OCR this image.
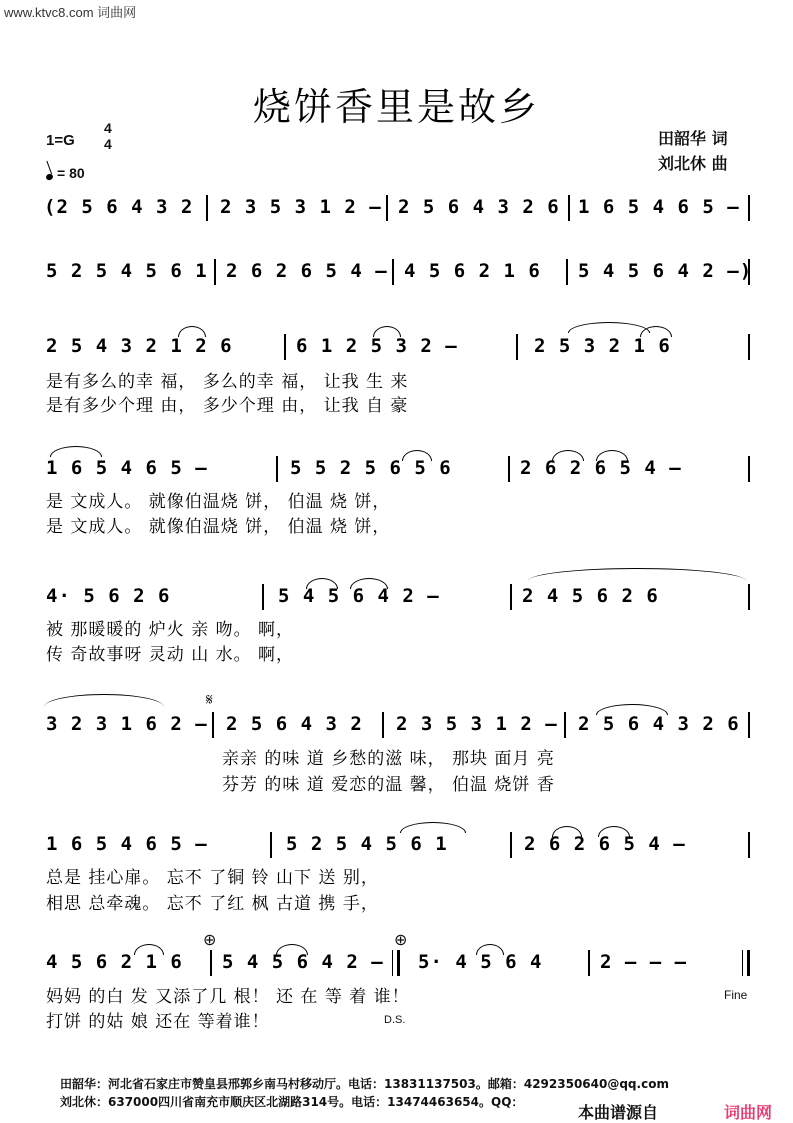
www.ktvc8.com 词曲网
烧饼香里是故乡
田韶华 词
刘北休 曲
1=G
4
4
= 80
(2 5 6 4 3 2 2 3 5 3 1 2 – 2 5 6 4 3 2 6 1 6 5 4 6 5 –
5 2 5 4 5 6 1 2 6 2 6 5 4 – 4 5 6 2 1 6 5 4 5 6 4 2 –)
2 5 4 3 2 1 2 6	6 1 2 5 3 2 –	2 5 3 2 1 6
是有多么的幸 福， 多么的幸 福， 让我 生 来
是有多少个理 由， 多少个理 由， 让我 自 豪
1 6 5 4 6 5 –	5 5 2 5 6 5 6	2 6 2 6 5 4 –
是 文成人。 就像伯温烧 饼， 伯温 烧 饼，
是 文成人。 就像伯温烧 饼， 伯温 烧 饼，
4· 5 6 2 6	5 4 5 6 4 2 –	2 4 5 6 2 6
被 那暖暖的 炉火 亲 吻。 啊，
传 奇故事呀 灵动 山 水。 啊，
𝄋
3 2 3 1 6 2 – 2 5 6 4 3 2 2 3 5 3 1 2 – 2 5 6 4 3 2 6
亲亲 的味 道 乡愁的滋 味， 那块 面月 亮
芬芳 的味 道 爱恋的温 馨， 伯温 烧饼 香
1 6 5 4 6 5 –	5 2 5 4 5 6 1	2 6 2 6 5 4 –
总是 挂心扉。 忘不 了铜 铃 山下 送 别，
相思 总牵魂。 忘不 了红 枫 古道 携 手，
⊕	⊕
4 5 6 2 1 6 5 4 5 6 4 2 – 5· 4 5 6 4	2 – – –
妈妈 的白 发 又添了几 根！ 还 在 等 着 谁！
打饼 的姑 娘 还在 等着谁！
Fine
D.S.
田韶华：河北省石家庄市赞皇县邢郭乡南马村移动厅。电话：13831137503。邮箱：4292350640@qq.com
刘北休：637000四川省南充市顺庆区北湖路314号。电话：13474463654。QQ：
本曲谱源自	词曲网
